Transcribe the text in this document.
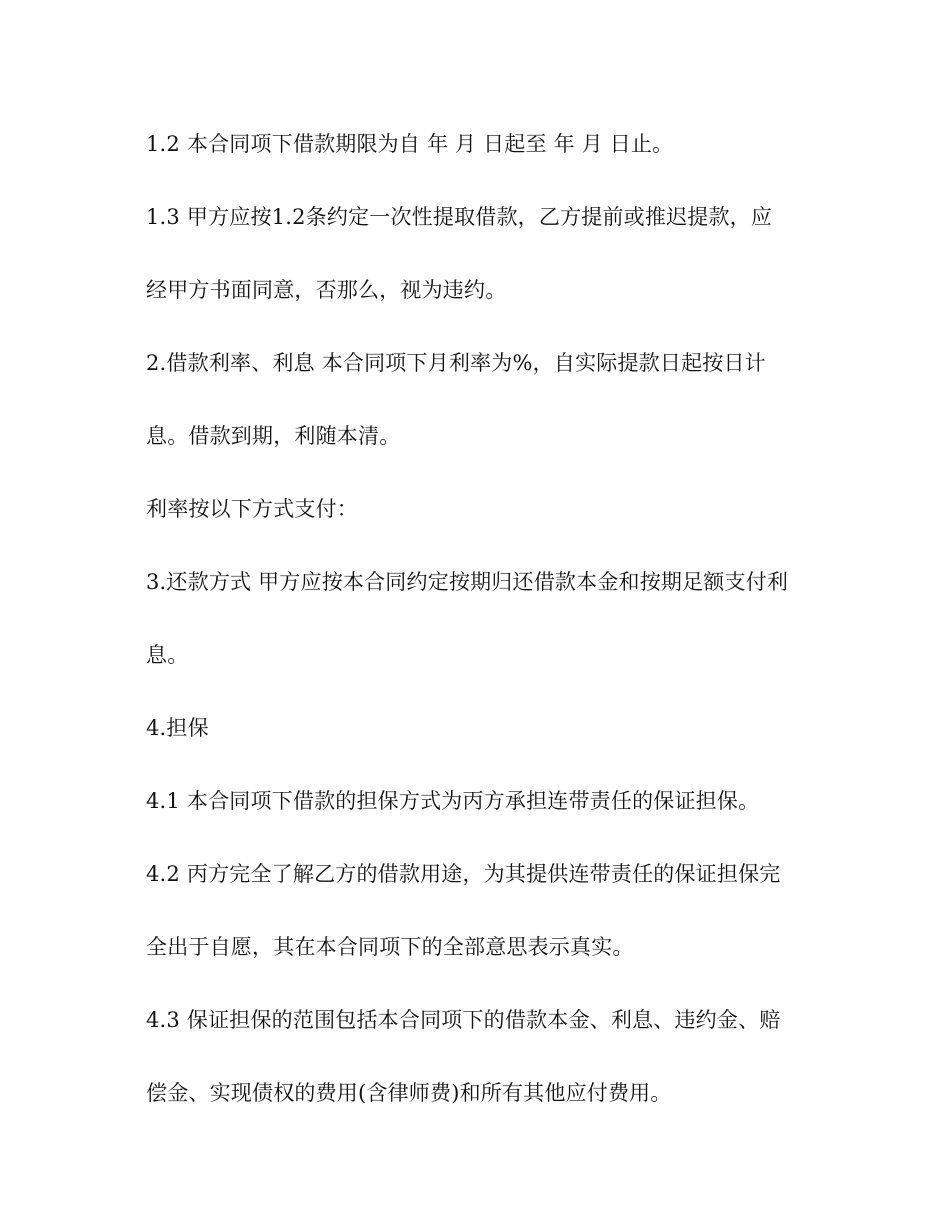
1.2 本合同项下借款期限为自 年 月 日起至 年 月 日止。
1.3 甲方应按1.2条约定一次性提取借款，乙方提前或推迟提款，应
经甲方书面同意，否那么，视为违约。
2.借款利率、利息 本合同项下月利率为%，自实际提款日起按日计
息。借款到期，利随本清。
利率按以下方式支付：
3.还款方式 甲方应按本合同约定按期归还借款本金和按期足额支付利
息。
4.担保
4.1 本合同项下借款的担保方式为丙方承担连带责任的保证担保。
4.2 丙方完全了解乙方的借款用途，为其提供连带责任的保证担保完
全出于自愿，其在本合同项下的全部意思表示真实。
4.3 保证担保的范围包括本合同项下的借款本金、利息、违约金、赔
偿金、实现债权的费用(含律师费)和所有其他应付费用。
